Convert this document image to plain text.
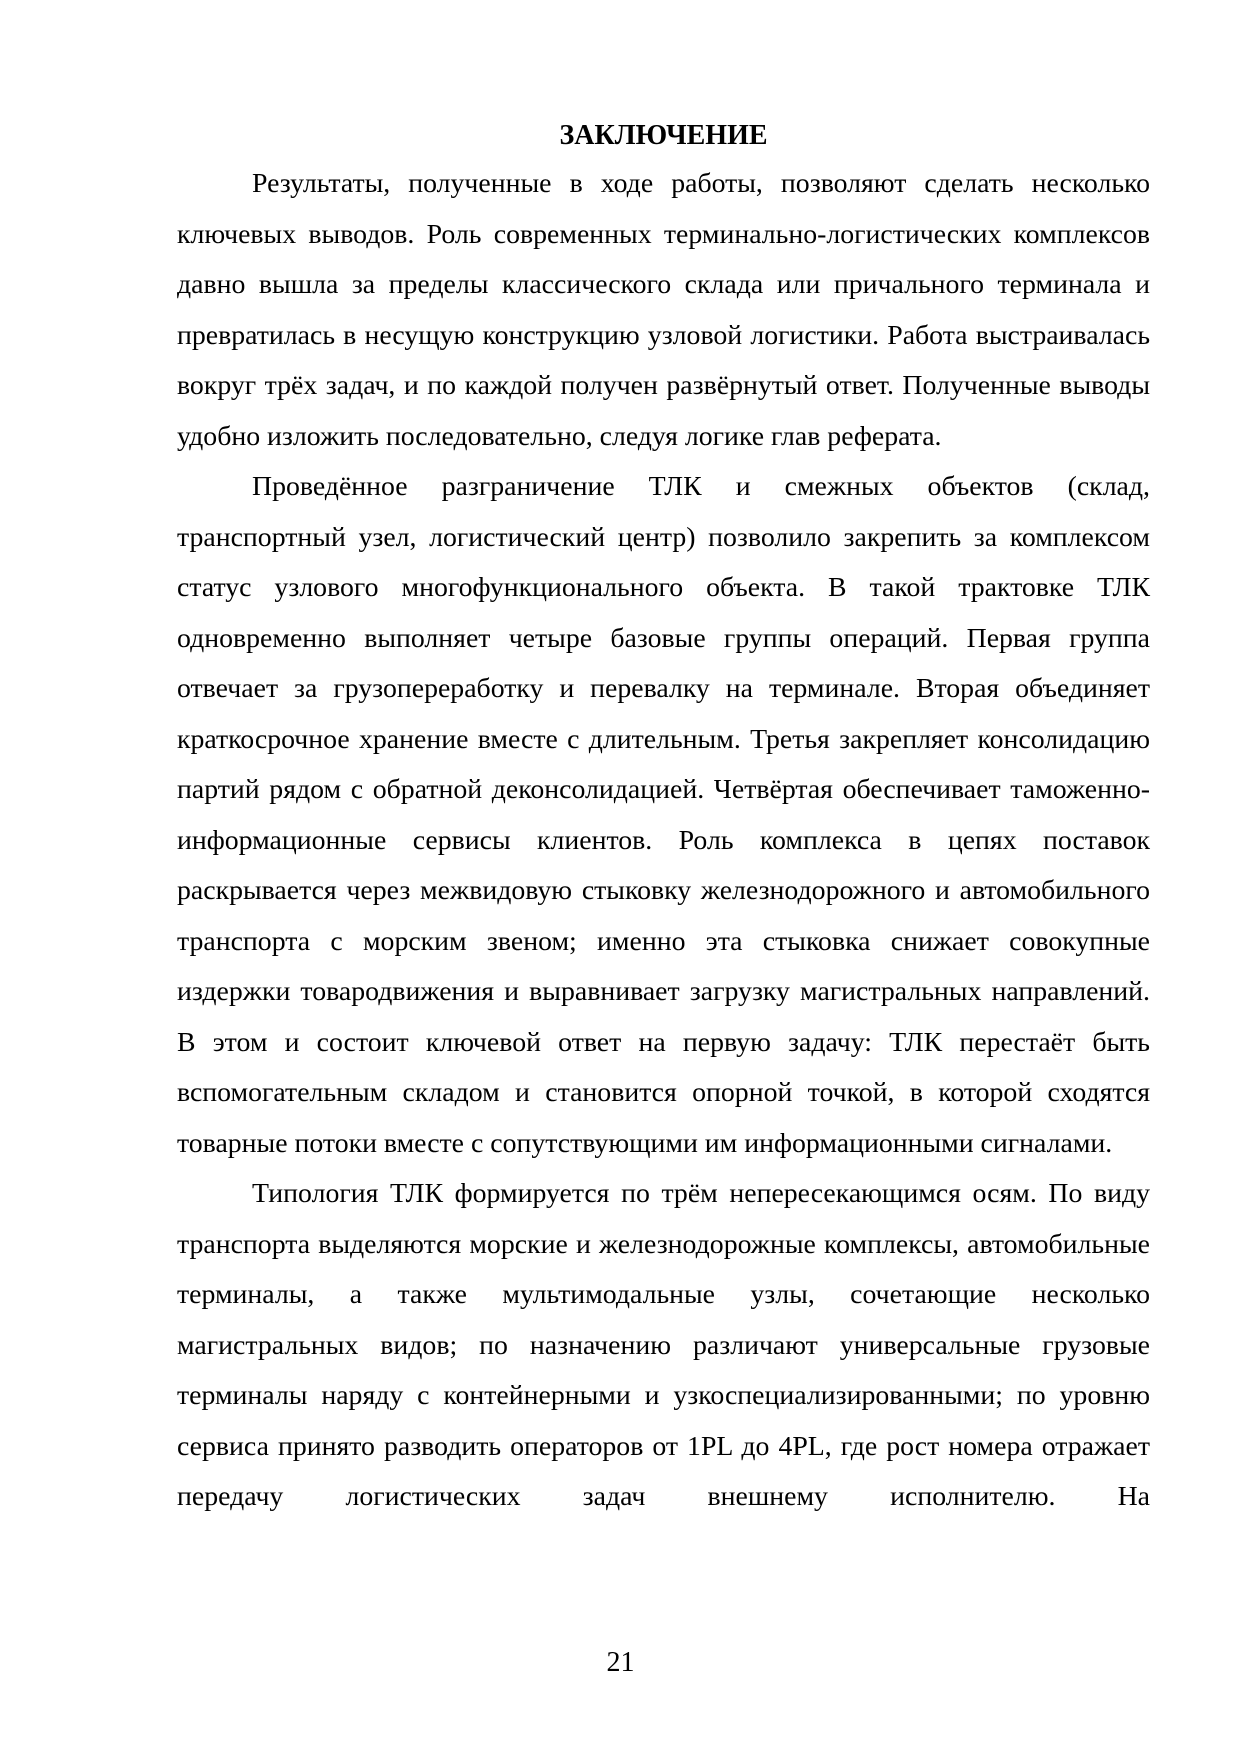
ЗАКЛЮЧЕНИЕ

Результаты, полученные в ходе работы, позволяют сделать несколько ключевых выводов. Роль современных терминально-логистических комплексов давно вышла за пределы классического склада или причального терминала и превратилась в несущую конструкцию узловой логистики. Работа выстраивалась вокруг трёх задач, и по каждой получен развёрнутый ответ. Полученные выводы удобно изложить последовательно, следуя логике глав реферата.

Проведённое разграничение ТЛК и смежных объектов (склад, транспортный узел, логистический центр) позволило закрепить за комплексом статус узлового многофункционального объекта. В такой трактовке ТЛК одновременно выполняет четыре базовые группы операций. Первая группа отвечает за грузопереработку и перевалку на терминале. Вторая объединяет краткосрочное хранение вместе с длительным. Третья закрепляет консолидацию партий рядом с обратной деконсолидацией. Четвёртая обеспечивает таможенно-информационные сервисы клиентов. Роль комплекса в цепях поставок раскрывается через межвидовую стыковку железнодорожного и автомобильного транспорта с морским звеном; именно эта стыковка снижает совокупные издержки товародвижения и выравнивает загрузку магистральных направлений. В этом и состоит ключевой ответ на первую задачу: ТЛК перестаёт быть вспомогательным складом и становится опорной точкой, в которой сходятся товарные потоки вместе с сопутствующими им информационными сигналами.

Типология ТЛК формируется по трём непересекающимся осям. По виду транспорта выделяются морские и железнодорожные комплексы, автомобильные терминалы, а также мультимодальные узлы, сочетающие несколько магистральных видов; по назначению различают универсальные грузовые терминалы наряду с контейнерными и узкоспециализированными; по уровню сервиса принято разводить операторов от 1PL до 4PL, где рост номера отражает передачу логистических задач внешнему исполнителю. На

21
